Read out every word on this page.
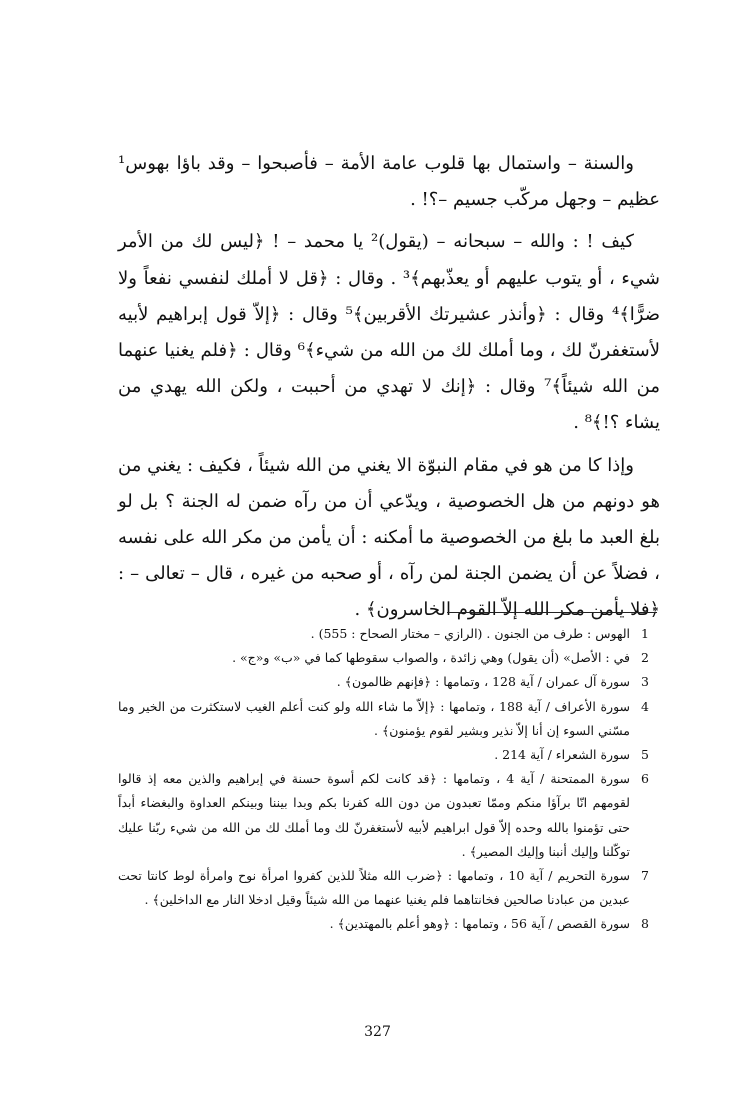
والسنة – واستمال بها قلوب عامة الأمة – فأصبحوا – وقد باؤا بهوس¹ عظيم – وجهل مركّب جسيم –؟! .

كيف ! : والله – سبحانه – (يقول)² يا محمد – ! ﴿ليس لك من الأمر شيء ، أو يتوب عليهم أو يعذّبهم﴾³ . وقال : ﴿قل لا أملك لنفسي نفعاً ولا ضرًّا﴾⁴ وقال : ﴿وأنذر عشيرتك الأقربين﴾⁵ وقال : ﴿إلاّ قول إبراهيم لأبيه لأستغفرنّ لك ، وما أملك لك من الله من شيء﴾⁶ وقال : ﴿فلم يغنيا عنهما من الله شيئاً﴾⁷ وقال : ﴿إنك لا تهدي من أحببت ، ولكن الله يهدي من يشاء ؟!﴾⁸ .

وإذا كا من هو في مقام النبوّة الا يغني من الله شيئاً ، فكيف : يغني من هو دونهم من هل الخصوصية ، ويدّعي أن من رآه ضمن له الجنة ؟ بل لو بلغ العبد ما بلغ من الخصوصية ما أمكنه : أن يأمن من مكر الله على نفسه ، فضلاً عن أن يضمن الجنة لمن رآه ، أو صحبه من غيره ، قال – تعالى – : ﴿فلا يأمن مكر الله إلاّ القوم الخاسرون﴾ .

1
الهوس : طرف من الجنون . (الرازي – مختار الصحاح : 555) .
2
في : الأصل» (أن يقول) وهي زائدة ، والصواب سقوطها كما في «ب» و«ج» .
3
سورة آل عمران / آية 128 ، وتمامها : ﴿فإنهم ظالمون﴾ .
4
سورة الأعراف / آية 188 ، وتمامها : ﴿إلاّ ما شاء الله ولو كنت أعلم الغيب لاستكثرت من الخير وما مسّني السوء إن أنا إلاّ نذير وبشير لقوم يؤمنون﴾ .
5
سورة الشعراء / آية 214 .
6
سورة الممتحنة / آية 4 ، وتمامها : ﴿قد كانت لكم أسوة حسنة في إبراهيم والذين معه إذ قالوا لقومهم انّا برآؤا منكم وممّا تعبدون من دون الله كفرنا بكم وبدا بيننا وبينكم العداوة والبغضاء أبداً حتى تؤمنوا بالله وحده إلاّ قول ابراهيم لأبيه لأستغفرنّ لك وما أملك لك من الله من شيء ربّنا عليك توكّلنا وإليك أنبنا وإليك المصير﴾ .
7
سورة التحريم / آية 10 ، وتمامها : ﴿ضرب الله مثلاً للذين كفروا امرأة نوح وامرأة لوط كانتا تحت عبدين من عبادنا صالحين فخانتاهما فلم يغنيا عنهما من الله شيئاً وقيل ادخلا النار مع الداخلين﴾ .
8
سورة القصص / آية 56 ، وتمامها : ﴿وهو أعلم بالمهتدين﴾ .
327
